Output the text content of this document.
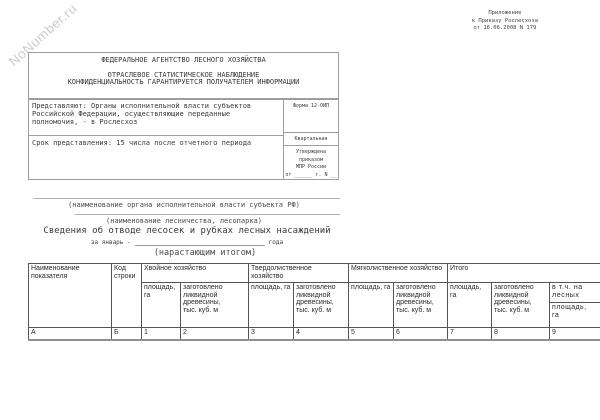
NoNumber.ru	Приложение
к Приказу Рослесхоза
от 16.06.2008 N 179
ФЕДЕРАЛЬНОЕ АГЕНТСТВО ЛЕСНОГО ХОЗЯЙСТВА
ОТРАСЛЕВОЕ СТАТИСТИЧЕСКОЕ НАБЛЮДЕНИЕ
КОНФИДЕНЦИАЛЬНОСТЬ ГАРАНТИРУЕТСЯ ПОЛУЧАТЕЛЕМ ИНФОРМАЦИИ
Представляют: Органы исполнительной власти субъектов
Российской Федерации, осуществляющие переданные
полномочия, - в Рослесхоз
Срок представления: 15 числа после отчетного периода
Форма 12-ОИП
Квартальная
Утверждена приказом
МПР России
от ______ г. N __
(наименование органа исполнительной власти субъекта РФ)
(наименование лесничества, лесопарка)
Сведения об отводе лесосек и рубках лесных насаждений
за январь -	года
(нарастающим итогом)
Наименование показателя	Код строки	Хвойное хозяйство		Твердолиственное хозяйство		Мягколиственное хозяйство		Итого		
		площадь, га	заготовлено
ликвидной
древесины,
тыс. куб. м	площадь, га	заготовлено
ликвидной
древесины,
тыс. куб. м	площадь, га	заготовлено
ликвидной
древесины,
тыс. куб. м	площадь, га	заготовлено
ликвидной
древесины,
тыс. куб. м	в т.ч. на
лесных

										площадь,
га

А	Б	1	2	3	4	5	6	7	8	9
